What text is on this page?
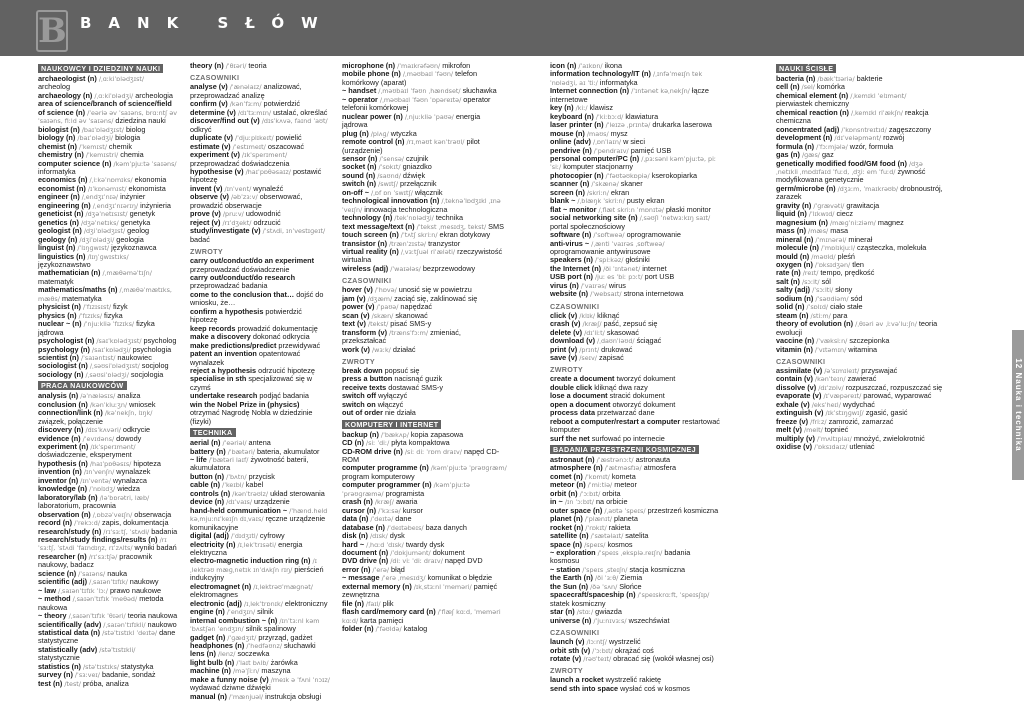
B BANK SŁÓW
NAUKOWCY I DZIEDZINY NAUKI
archaeologist (n) /ˌɑːkiˈɒlədʒɪst/ archeolog
archaeology (n) /ˌɑːkiˈɒlədʒi/ archeologia
area of science/branch of science/field of science (n) /ˈeəriə əv ˈsaɪəns, brɑːntʃ əv ˈsaɪəns, fiːld əv ˈsaɪəns/ dziedzina nauki
biologist (n) /baɪˈɒlədʒɪst/ biolog
biology (n) /baɪˈɒlədʒi/ biologia
chemist (n) /ˈkemɪst/ chemik
chemistry (n) /ˈkemɪstri/ chemia
computer science (n) /kəmˈpjuːtə ˈsaɪəns/ informatyka
economics (n) /ˌiːkəˈnɒmɪks/ ekonomia
economist (n) /ɪˈkɒnəmɪst/ ekonomista
engineer (n) /ˌendʒɪˈnɪə/ inżynier
engineering (n) /ˌendʒɪˈnɪərɪŋ/ inżynieria
geneticist (n) /dʒəˈnetɪsɪst/ genetyk
genetics (n) /dʒəˈnetɪks/ genetyka
geologist (n) /dʒiˈɒlədʒɪst/ geolog
geology (n) /dʒiˈɒlədʒi/ geologia
linguist (n) /ˈlɪŋɡwɪst/ językoznawca
linguistics (n) /lɪŋˈɡwɪstɪks/ językoznawstwo
mathematician (n) /ˌmæθəməˈtɪʃn/ matematyk
mathematics/maths (n) /ˌmæθəˈmætɪks, mæθs/ matematyka
physicist (n) /ˈfɪzɪsɪst/ fizyk
physics (n) /ˈfɪzɪks/ fizyka
nuclear ~ (n) /ˈnjuːkliə ˈfɪzɪks/ fizyka jądrowa
psychologist (n) /saɪˈkɒlədʒɪst/ psycholog
psychology (n) /saɪˈkɒlədʒi/ psychologia
scientist (n) /ˈsaɪəntɪst/ naukowiec
sociologist (n) /ˌsəʊsiˈɒlədʒɪst/ socjolog
sociology (n) /ˌsəʊsiˈɒlədʒi/ socjologia
PRACA NAUKOWCÓW
analysis (n) /əˈnæləsɪs/ analiza
conclusion (n) /kənˈkluːʒn/ wniosek
connection/link (n) /kəˈnekʃn, lɪŋk/ związek, połączenie
discovery (n) /dɪsˈkʌvəri/ odkrycie
evidence (n) /ˈevɪdəns/ dowody
experiment (n) /ɪkˈsperɪmənt/ doświadczenie, eksperyment
hypothesis (n) /haɪˈpɒθəsɪs/ hipoteza
invention (n) /ɪnˈvenʃn/ wynalazek
inventor (n) /ɪnˈventə/ wynalazca
knowledge (n) /ˈnɒlɪdʒ/ wiedza
laboratory/lab (n) /ləˈbɒrətri, læb/ laboratorium, pracownia
observation (n) /ˌɒbzəˈveɪʃn/ obserwacja
record (n) /ˈrekɔːd/ zapis, dokumentacja
research/study (n) /rɪˈsɜːtʃ, ˈstʌdi/ badania
research/study findings/results (n) /rɪˈsɜːtʃ, ˈstʌdi ˈfaɪndɪŋz, rɪˈzʌlts/ wyniki badań
researcher (n) /rɪˈsɜːtʃə/ pracownik naukowy, badacz
science (n) /ˈsaɪəns/ nauka
scientific (adj) /ˌsaɪənˈtɪfɪk/ naukowy
~ law /ˌsaɪənˈtɪfɪk ˈlɔː/ prawo naukowe
~ method /ˌsaɪənˈtɪfɪk ˈmeθəd/ metoda naukowa
~ theory /ˌsaɪənˈtɪfɪk ˈθɪəri/ teoria naukowa
scientifically (adv) /ˌsaɪənˈtɪfɪkli/ naukowo
statistical data (n) /stəˈtɪstɪkl ˈdeɪtə/ dane statystyczne
statistically (adv) /stəˈtɪstɪkli/ statystycznie
statistics (n) /stəˈtɪstɪks/ statystyka
survey (n) /ˈsɜːveɪ/ badanie, sondaż
test (n) /test/ próba, analiza
theory (n) /ˈθɪəri/ teoria
CZASOWNIKI
analyse (v) /ˈænəlaɪz/ analizować, przeprowadzać analizę
confirm (v) /kənˈfɜːm/ potwierdzić
determine (v) /dɪˈtɜːmɪn/ ustalać, określać
discover/find out (v) /dɪsˈkʌvə, faɪnd ˈaʊt/ odkryć
duplicate (v) /ˈdjuːplɪkeɪt/ powielić
estimate (v) /ˈestɪmeɪt/ oszacować
experiment (v) /ɪkˈsperɪment/ przeprowadzać doświadczenia
hypothesise (v) /haɪˈpɒθəsaɪz/ postawić hipotezę
invent (v) /ɪnˈvent/ wynaleźć
observe (v) /əbˈzɜːv/ obserwować, prowadzić obserwacje
prove (v) /pruːv/ udowodnić
reject (v) /rɪˈdʒekt/ odrzucić
study/investigate (v) /ˈstʌdi, ɪnˈvestɪɡeɪt/ badać
ZWROTY
carry out/conduct/do an experiment przeprowadzać doświadczenie
carry out/conduct/do research przeprowadzać badania
come to the conclusion that… dojść do wniosku, że…
confirm a hypothesis potwierdzić hipotezę
keep records prowadzić dokumentację
make a discovery dokonać odkrycia
make predictions/predict przewidywać
patent an invention opatentować wynalazek
reject a hypothesis odrzucić hipotezę
specialise in sth specjalizować się w czymś
undertake research podjąć badania
win the Nobel Prize in (physics) otrzymać Nagrodę Nobla w dziedzinie (fizyki)
TECHNIKA
aerial (n) /ˈeəriəl/ antena
battery (n) /ˈbætəri/ bateria, akumulator
~ life /ˈbætəri laɪf/ żywotność baterii, akumulatora
button (n) /ˈbʌtn/ przycisk
cable (n) /ˈkeɪbl/ kabel
controls (n) /kənˈtrəʊlz/ układ sterowania
device (n) /dɪˈvaɪs/ urządzenie
hand-held communication ~ /ˈhænd.held kəˌmjuːnɪˈkeɪʃn dɪˌvaɪs/ ręczne urządzenie komunikacyjne
digital (adj) /ˈdɪdʒɪtl/ cyfrowy
electricity (n) /ɪˌlekˈtrɪsəti/ energia elektryczna
electro-magnetic induction ring (n) /ɪˌlektrəʊ mæɡˌnetɪk ɪnˈdʌkʃn rɪŋ/ pierścień indukcyjny
electromagnet (n) /ɪˌlektrəʊˈmæɡnət/ elektromagnes
electronic (adj) /ɪˌlekˈtrɒnɪk/ elektroniczny
engine (n) /ˈendʒɪn/ silnik
internal combustion ~ (n) /ɪnˈtɜːnl kəmˈbʌstʃən ˈendʒɪn/ silnik spalinowy
gadget (n) /ˈɡædʒɪt/ przyrząd, gadżet
headphones (n) /ˈhedfəʊnz/ słuchawki
lens (n) /lenz/ soczewka
light bulb (n) /ˈlaɪt bʌlb/ żarówka
machine (n) /məˈʃiːn/ maszyna
make a funny noise (v) /meɪk ə ˈfʌni ˈnɔɪz/ wydawać dziwne dźwięki
manual (n) /ˈmænjuəl/ instrukcja obsługi
microphone (n) /ˈmaɪkrəfəʊn/ mikrofon
mobile phone (n) /ˌməʊbaɪl ˈfəʊn/ telefon komórkowy (aparat)
~ handset /ˌməʊbaɪl ˈfəʊn ˌhændset/ słuchawka
~ operator /ˌməʊbaɪl ˈfəʊn ˈɒpəreɪtə/ operator telefonii komórkowej
nuclear power (n) /ˌnjuːkliə ˈpaʊə/ energia jądrowa
plug (n) /plʌɡ/ wtyczka
remote control (n) /rɪˌməʊt kənˈtrəʊl/ pilot (urządzenie)
sensor (n) /ˈsensə/ czujnik
socket (n) /ˈsɒkɪt/ gniazdko
sound (n) /saʊnd/ dźwięk
switch (n) /swɪtʃ/ przełącznik
on-off ~ /ˌɒf ɒn ˈswɪtʃ/ włącznik
technological innovation (n) /ˌteknəˈlɒdʒɪkl ˌɪnəˈveɪʃn/ innowacja technologiczna
technology (n) /tekˈnɒlədʒi/ technika
text message/text (n) /ˈtekst ˌmesɪdʒ, tekst/ SMS
touch screen (n) /ˈtʌtʃ skriːn/ ekran dotykowy
transistor (n) /trænˈzɪstə/ tranzystor
virtual reality (n) /ˌvɜːtʃuəl riˈæləti/ rzeczywistość wirtualna
wireless (adj) /ˈwaɪələs/ bezprzewodowy
CZASOWNIKI
hover (v) /ˈhɒvə/ unosić się w powietrzu
jam (v) /dʒæm/ zaciąć się, zaklinować się
power (v) /ˈpaʊə/ napędzać
scan (v) /skæn/ skanować
text (v) /tekst/ pisać SMS-y
transform (v) /trænsˈfɔːm/ zmieniać, przekształcać
work (v) /wɜːk/ działać
ZWROTY
break down popsuć się
press a button nacisnąć guzik
receive texts dostawać SMS-y
switch off wyłączyć
switch on włączyć
out of order nie działa
KOMPUTERY I INTERNET
backup (n) /ˈbækʌp/ kopia zapasowa
CD (n) /siː ˈdiː/ płyta kompaktowa
CD-ROM drive (n) /siː diː ˈrɒm draɪv/ napęd CD-ROM
computer programme (n) /kəmˈpjuːtə ˈprəʊɡræm/ program komputerowy
computer programmer (n) /kəmˈpjuːtə ˈprəʊɡræmə/ programista
crash (n) /kræʃ/ awaria
cursor (n) /ˈkɜːsə/ kursor
data (n) /ˈdeɪtə/ dane
database (n) /ˈdeɪtəbeɪs/ baza danych
disk (n) /dɪsk/ dysk
hard ~ /ˌhɑːd ˈdɪsk/ twardy dysk
document (n) /ˈdɒkjumənt/ dokument
DVD drive (n) /diː viː ˈdiː draɪv/ napęd DVD
error (n) /ˈerə/ błąd
~ message /ˈerə ˌmesɪdʒ/ komunikat o błędzie
external memory (n) /ɪkˌstɜːnl ˈmeməri/ pamięć zewnętrzna
file (n) /faɪl/ plik
flash card/memory card (n) /ˈflæʃ kɑːd, ˈmeməri kɑːd/ karta pamięci
folder (n) /ˈfəʊldə/ katalog
icon (n) /ˈaɪkɒn/ ikona
information technology/IT (n) /ˌɪnfəˈmeɪʃn tekˈnɒlədʒi, aɪ ˈtiː/ informatyka
Internet connection (n) /ˈɪntənet kəˌnekʃn/ łącze internetowe
key (n) /kiː/ klawisz
keyboard (n) /ˈkiːbɔːd/ klawiatura
laser printer (n) /ˈleɪzə ˌprɪntə/ drukarka laserowa
mouse (n) /maʊs/ mysz
online (adv) /ˌɒnˈlaɪn/ w sieci
pendrive (n) /ˈpendraɪv/ pamięć USB
personal computer/PC (n) /ˌpɜːsənl kəmˈpjuːtə, piː ˈsiː/ komputer stacjonarny
photocopier (n) /ˈfəʊtəʊkɒpiə/ kserokopiarka
scanner (n) /ˈskænə/ skaner
screen (n) /skriːn/ ekran
blank ~ /ˌblæŋk ˈskriːn/ pusty ekran
flat ~ monitor /ˌflæt skriːn ˈmɒnɪtə/ płaski monitor
social networking site (n) /ˌsəʊʃl ˈnetwɜːkɪŋ saɪt/ portal społecznościowy
software (n) /ˈsɒftweə/ oprogramowanie
anti-virus ~ /ˌænti ˈvaɪrəs ˌsɒftweə/ oprogramowanie antywirusowe
speakers (n) /ˈspiːkəz/ głośniki
the Internet (n) /ði ˈɪntənet/ internet
USB port (n) /juː es ˈbiː pɔːt/ port USB
virus (n) /ˈvaɪrəs/ wirus
website (n) /ˈwebsaɪt/ strona internetowa
CZASOWNIKI
click (v) /klɪk/ kliknąć
crash (v) /kræʃ/ paść, zepsuć się
delete (v) /dɪˈliːt/ skasować
download (v) /ˌdaʊnˈləʊd/ ściągać
print (v) /prɪnt/ drukować
save (v) /seɪv/ zapisać
ZWROTY
create a document tworzyć dokument
double click kliknąć dwa razy
lose a document stracić dokument
open a document otworzyć dokument
process data przetwarzać dane
reboot a computer/restart a computer restartować komputer
surf the net surfować po internecie
BADANIA PRZESTRZENI KOSMICZNEJ
astronaut (n) /ˈæstrənɔːt/ astronauta
atmosphere (n) /ˈætməsfɪə/ atmosfera
comet (n) /ˈkɒmɪt/ kometa
meteor (n) /ˈmiːtiə/ meteor
orbit (n) /ˈɔːbɪt/ orbita
in ~ /ɪn ˈɔːbɪt/ na orbicie
outer space (n) /ˌaʊtə ˈspeɪs/ przestrzeń kosmiczna
planet (n) /ˈplænɪt/ planeta
rocket (n) /ˈrɒkɪt/ rakieta
satellite (n) /ˈsætəlaɪt/ satelita
space (n) /speɪs/ kosmos
~ exploration /ˈspeɪs ˌeksplə.reɪʃn/ badania kosmosu
~ station /ˈspeɪs ˌsteɪʃn/ stacja kosmiczna
the Earth (n) /ði ˈɜːθ/ Ziemia
the Sun (n) /ðə ˈsʌn/ Słońce
spacecraft/spaceship (n) /ˈspeɪskrɑːft, ˈspeɪsʃɪp/ statek kosmiczny
star (n) /stɑː/ gwiazda
universe (n) /ˈjuːnɪvɜːs/ wszechświat
CZASOWNIKI
launch (v) /lɔːntʃ/ wystrzelić
orbit sth (v) /ˈɔːbɪt/ okrążać coś
rotate (v) /rəʊˈteɪt/ obracać się (wokół własnej osi)
ZWROTY
launch a rocket wystrzelić rakietę
send sth into space wysłać coś w kosmos
NAUKI ŚCISŁE
bacteria (n) /bækˈtɪəriə/ bakterie
cell (n) /sel/ komórka
chemical element (n) /ˌkemɪkl ˈelɪmənt/ pierwiastek chemiczny
chemical reaction (n) /ˌkemɪkl riˈækʃn/ reakcja chemiczna
concentrated (adj) /ˈkɒnsntreɪtɪd/ zagęszczony
development (n) /dɪˈveləpmənt/ rozwój
formula (n) /ˈfɔːmjələ/ wzór, formuła
gas (n) /ɡæs/ gaz
genetically modified food/GM food (n) /dʒəˌnetɪkli ˌmɒdɪfaɪd ˈfuːd, ˌdʒiː em ˈfuːd/ żywność modyfikowana genetycznie
germ/microbe (n) /dʒɜːm, ˈmaɪkrəʊb/ drobnoustrój, zarazek
gravity (n) /ˈɡrævəti/ grawitacja
liquid (n) /ˈlɪkwɪd/ ciecz
magnesium (n) /mæɡˈniːziəm/ magnez
mass (n) /mæs/ masa
mineral (n) /ˈmɪnərəl/ minerał
molecule (n) /ˈmɒlɪkjuːl/ cząsteczka, molekuła
mould (n) /məʊld/ pleśń
oxygen (n) /ˈɒksɪdʒən/ tlen
rate (n) /reɪt/ tempo, prędkość
salt (n) /sɔːlt/ sól
salty (adj) /ˈsɔːlti/ słony
sodium (n) /ˈsəʊdiəm/ sód
solid (n) /ˈsɒlɪd/ ciało stałe
steam (n) /stiːm/ para
theory of evolution (n) /ˌθɪəri əv ˌiːvəˈluːʃn/ teoria ewolucji
vaccine (n) /ˈvæksiːn/ szczepionka
vitamin (n) /ˈvɪtəmɪn/ witamina
CZASOWNIKI
assimilate (v) /əˈsɪmɪleɪt/ przyswajać
contain (v) /kənˈteɪn/ zawierać
dissolve (v) /dɪˈzɒlv/ rozpuszczać, rozpuszczać się
evaporate (v) /ɪˈvæpəreɪt/ parować, wyparować
exhale (v) /eksˈheɪl/ wydychać
extinguish (v) /ɪkˈstɪŋɡwɪʃ/ zgasić, gasić
freeze (v) /friːz/ zamrozić, zamarzać
melt (v) /melt/ topnieć
multiply (v) /ˈmʌltɪplaɪ/ mnożyć, zwielokrotnić
oxidise (v) /ˈɒksɪdaɪz/ utleniać	12 Nauka i technika
